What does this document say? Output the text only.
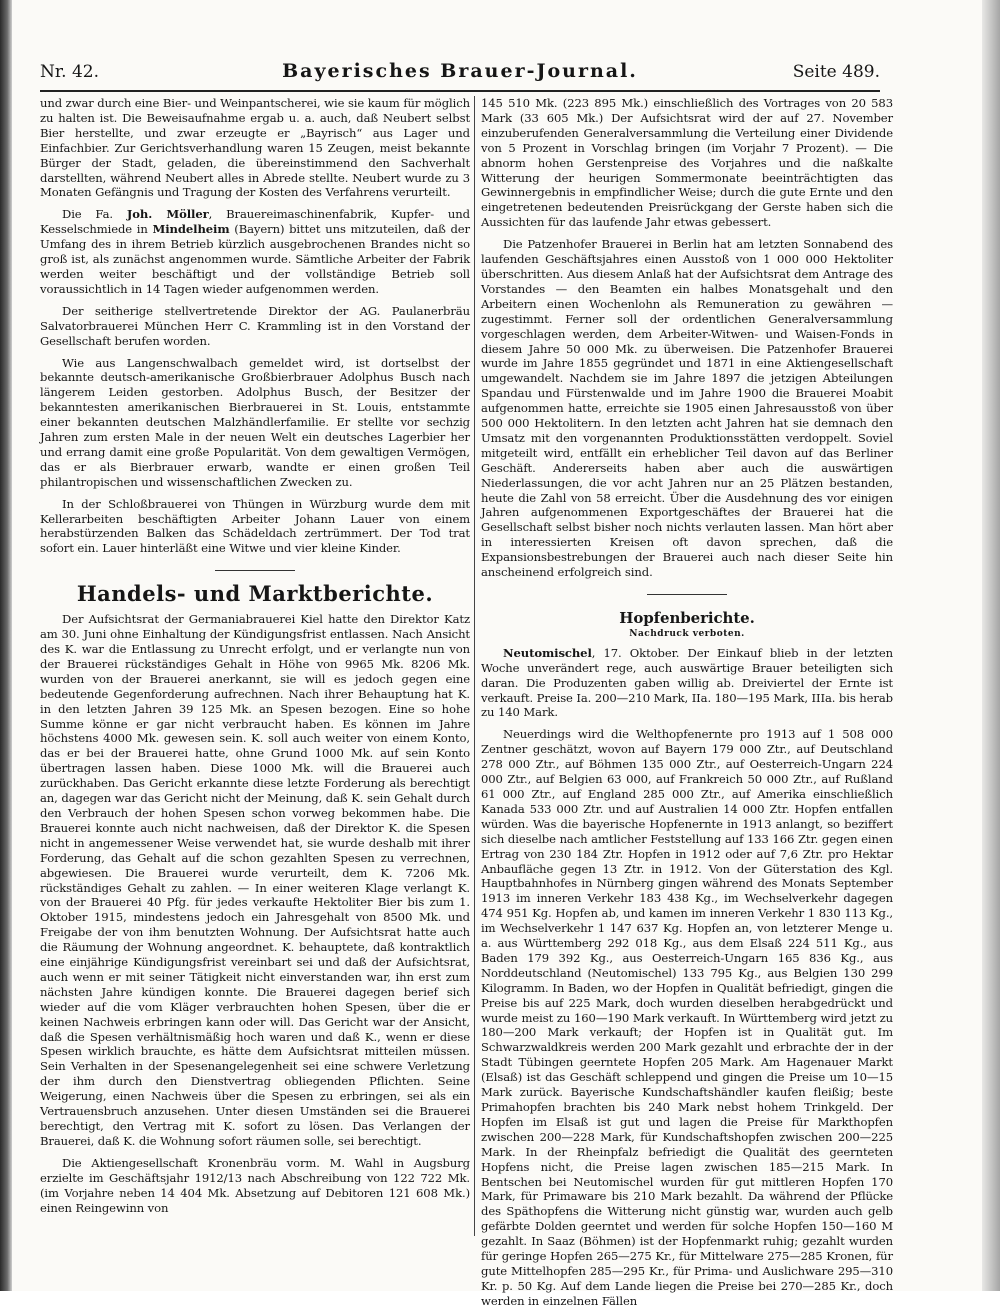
Nr. 42.	Bayerisches Brauer-Journal.	Seite 489.

und zwar durch eine Bier- und Weinpantscherei, wie sie kaum für möglich zu halten ist. Die Beweisaufnahme ergab u. a. auch, daß Neubert selbst Bier herstellte, und zwar erzeugte er „Bayrisch“ aus Lager und Einfachbier. Zur Gerichtsverhandlung waren 15 Zeugen, meist bekannte Bürger der Stadt, geladen, die übereinstimmend den Sachverhalt darstellten, während Neubert alles in Abrede stellte. Neubert wurde zu 3 Monaten Gefängnis und Tragung der Kosten des Verfahrens verurteilt.

Die Fa. Joh. Möller, Brauereimaschinenfabrik, Kupfer- und Kesselschmiede in Mindelheim (Bayern) bittet uns mitzuteilen, daß der Umfang des in ihrem Betrieb kürzlich ausgebrochenen Brandes nicht so groß ist, als zunächst angenommen wurde. Sämtliche Arbeiter der Fabrik werden weiter beschäftigt und der vollständige Betrieb soll voraussichtlich in 14 Tagen wieder aufgenommen werden.

Der seitherige stellvertretende Direktor der AG. Paulanerbräu Salvatorbrauerei München Herr C. Krammling ist in den Vorstand der Gesellschaft berufen worden.

Wie aus Langenschwalbach gemeldet wird, ist dortselbst der bekannte deutsch-amerikanische Großbierbrauer Adolphus Busch nach längerem Leiden gestorben. Adolphus Busch, der Besitzer der bekanntesten amerikanischen Bierbrauerei in St. Louis, entstammte einer bekannten deutschen Malzhändlerfamilie. Er stellte vor sechzig Jahren zum ersten Male in der neuen Welt ein deutsches Lagerbier her und errang damit eine große Popularität. Von dem gewaltigen Vermögen, das er als Bierbrauer erwarb, wandte er einen großen Teil philantropischen und wissenschaftlichen Zwecken zu.

In der Schloßbrauerei von Thüngen in Würzburg wurde dem mit Kellerarbeiten beschäftigten Arbeiter Johann Lauer von einem herabstürzenden Balken das Schädeldach zertrümmert. Der Tod trat sofort ein. Lauer hinterläßt eine Witwe und vier kleine Kinder.

Handels- und Marktberichte.

Der Aufsichtsrat der Germaniabrauerei Kiel hatte den Direktor Katz am 30. Juni ohne Einhaltung der Kündigungsfrist entlassen. Nach Ansicht des K. war die Entlassung zu Unrecht erfolgt, und er verlangte nun von der Brauerei rückständiges Gehalt in Höhe von 9965 Mk. 8206 Mk. wurden von der Brauerei anerkannt, sie will es jedoch gegen eine bedeutende Gegenforderung aufrechnen. Nach ihrer Behauptung hat K. in den letzten Jahren 39 125 Mk. an Spesen bezogen. Eine so hohe Summe könne er gar nicht verbraucht haben. Es können im Jahre höchstens 4000 Mk. gewesen sein. K. soll auch weiter von einem Konto, das er bei der Brauerei hatte, ohne Grund 1000 Mk. auf sein Konto übertragen lassen haben. Diese 1000 Mk. will die Brauerei auch zurückhaben. Das Gericht erkannte diese letzte Forderung als berechtigt an, dagegen war das Gericht nicht der Meinung, daß K. sein Gehalt durch den Verbrauch der hohen Spesen schon vorweg bekommen habe. Die Brauerei konnte auch nicht nachweisen, daß der Direktor K. die Spesen nicht in angemessener Weise verwendet hat, sie wurde deshalb mit ihrer Forderung, das Gehalt auf die schon gezahlten Spesen zu verrechnen, abgewiesen. Die Brauerei wurde verurteilt, dem K. 7206 Mk. rückständiges Gehalt zu zahlen. — In einer weiteren Klage verlangt K. von der Brauerei 40 Pfg. für jedes verkaufte Hektoliter Bier bis zum 1. Oktober 1915, mindestens jedoch ein Jahresgehalt von 8500 Mk. und Freigabe der von ihm benutzten Wohnung. Der Aufsichtsrat hatte auch die Räumung der Wohnung angeordnet. K. behauptete, daß kontraktlich eine einjährige Kündigungsfrist vereinbart sei und daß der Aufsichtsrat, auch wenn er mit seiner Tätigkeit nicht einverstanden war, ihn erst zum nächsten Jahre kündigen konnte. Die Brauerei dagegen berief sich wieder auf die vom Kläger verbrauchten hohen Spesen, über die er keinen Nachweis erbringen kann oder will. Das Gericht war der Ansicht, daß die Spesen verhältnismäßig hoch waren und daß K., wenn er diese Spesen wirklich brauchte, es hätte dem Aufsichtsrat mitteilen müssen. Sein Verhalten in der Spesenangelegenheit sei eine schwere Verletzung der ihm durch den Dienstvertrag obliegenden Pflichten. Seine Weigerung, einen Nachweis über die Spesen zu erbringen, sei als ein Vertrauensbruch anzusehen. Unter diesen Umständen sei die Brauerei berechtigt, den Vertrag mit K. sofort zu lösen. Das Verlangen der Brauerei, daß K. die Wohnung sofort räumen solle, sei berechtigt.

Die Aktiengesellschaft Kronenbräu vorm. M. Wahl in Augsburg erzielte im Geschäftsjahr 1912/13 nach Abschreibung von 122 722 Mk. (im Vorjahre neben 14 404 Mk. Absetzung auf Debitoren 121 608 Mk.) einen Reingewinn von

145 510 Mk. (223 895 Mk.) einschließlich des Vortrages von 20 583 Mark (33 605 Mk.) Der Aufsichtsrat wird der auf 27. November einzuberufenden Generalversammlung die Verteilung einer Dividende von 5 Prozent in Vorschlag bringen (im Vorjahr 7 Prozent). — Die abnorm hohen Gerstenpreise des Vorjahres und die naßkalte Witterung der heurigen Sommermonate beeinträchtigten das Gewinnergebnis in empfindlicher Weise; durch die gute Ernte und den eingetretenen bedeutenden Preisrückgang der Gerste haben sich die Aussichten für das laufende Jahr etwas gebessert.

Die Patzenhofer Brauerei in Berlin hat am letzten Sonnabend des laufenden Geschäftsjahres einen Ausstoß von 1 000 000 Hektoliter überschritten. Aus diesem Anlaß hat der Aufsichtsrat dem Antrage des Vorstandes — den Beamten ein halbes Monatsgehalt und den Arbeitern einen Wochenlohn als Remuneration zu gewähren — zugestimmt. Ferner soll der ordentlichen Generalversammlung vorgeschlagen werden, dem Arbeiter-Witwen- und Waisen-Fonds in diesem Jahre 50 000 Mk. zu überweisen. Die Patzenhofer Brauerei wurde im Jahre 1855 gegründet und 1871 in eine Aktiengesellschaft umgewandelt. Nachdem sie im Jahre 1897 die jetzigen Abteilungen Spandau und Fürstenwalde und im Jahre 1900 die Brauerei Moabit aufgenommen hatte, erreichte sie 1905 einen Jahresausstoß von über 500 000 Hektolitern. In den letzten acht Jahren hat sie demnach den Umsatz mit den vorgenannten Produktionsstätten verdoppelt. Soviel mitgeteilt wird, entfällt ein erheblicher Teil davon auf das Berliner Geschäft. Andererseits haben aber auch die auswärtigen Niederlassungen, die vor acht Jahren nur an 25 Plätzen bestanden, heute die Zahl von 58 erreicht. Über die Ausdehnung des vor einigen Jahren aufgenommenen Exportgeschäftes der Brauerei hat die Gesellschaft selbst bisher noch nichts verlauten lassen. Man hört aber in interessierten Kreisen oft davon sprechen, daß die Expansionsbestrebungen der Brauerei auch nach dieser Seite hin anscheinend erfolgreich sind.

Hopfenberichte.
Nachdruck verboten.

Neutomischel, 17. Oktober. Der Einkauf blieb in der letzten Woche unverändert rege, auch auswärtige Brauer beteiligten sich daran. Die Produzenten gaben willig ab. Dreiviertel der Ernte ist verkauft. Preise Ia. 200—210 Mark, IIa. 180—195 Mark, IIIa. bis herab zu 140 Mark.

Neuerdings wird die Welthopfenernte pro 1913 auf 1 508 000 Zentner geschätzt, wovon auf Bayern 179 000 Ztr., auf Deutschland 278 000 Ztr., auf Böhmen 135 000 Ztr., auf Oesterreich-Ungarn 224 000 Ztr., auf Belgien 63 000, auf Frankreich 50 000 Ztr., auf Rußland 61 000 Ztr., auf England 285 000 Ztr., auf Amerika einschließlich Kanada 533 000 Ztr. und auf Australien 14 000 Ztr. Hopfen entfallen würden. Was die bayerische Hopfenernte in 1913 anlangt, so beziffert sich dieselbe nach amtlicher Feststellung auf 133 166 Ztr. gegen einen Ertrag von 230 184 Ztr. Hopfen in 1912 oder auf 7,6 Ztr. pro Hektar Anbaufläche gegen 13 Ztr. in 1912. Von der Güterstation des Kgl. Hauptbahnhofes in Nürnberg gingen während des Monats September 1913 im inneren Verkehr 183 438 Kg., im Wechselverkehr dagegen 474 951 Kg. Hopfen ab, und kamen im inneren Verkehr 1 830 113 Kg., im Wechselverkehr 1 147 637 Kg. Hopfen an, von letzterer Menge u. a. aus Württemberg 292 018 Kg., aus dem Elsaß 224 511 Kg., aus Baden 179 392 Kg., aus Oesterreich-Ungarn 165 836 Kg., aus Norddeutschland (Neutomischel) 133 795 Kg., aus Belgien 130 299 Kilogramm. In Baden, wo der Hopfen in Qualität befriedigt, gingen die Preise bis auf 225 Mark, doch wurden dieselben herabgedrückt und wurde meist zu 160—190 Mark verkauft. In Württemberg wird jetzt zu 180—200 Mark verkauft; der Hopfen ist in Qualität gut. Im Schwarzwaldkreis werden 200 Mark gezahlt und erbrachte der in der Stadt Tübingen geerntete Hopfen 205 Mark. Am Hagenauer Markt (Elsaß) ist das Geschäft schleppend und gingen die Preise um 10—15 Mark zurück. Bayerische Kundschaftshändler kaufen fleißig; beste Primahopfen brachten bis 240 Mark nebst hohem Trinkgeld. Der Hopfen im Elsaß ist gut und lagen die Preise für Markthopfen zwischen 200—228 Mark, für Kundschaftshopfen zwischen 200—225 Mark. In der Rheinpfalz befriedigt die Qualität des geernteten Hopfens nicht, die Preise lagen zwischen 185—215 Mark. In Bentschen bei Neutomischel wurden für gut mittleren Hopfen 170 Mark, für Primaware bis 210 Mark bezahlt. Da während der Pflücke des Späthopfens die Witterung nicht günstig war, wurden auch gelb gefärbte Dolden geerntet und werden für solche Hopfen 150—160 M gezahlt. In Saaz (Böhmen) ist der Hopfenmarkt ruhig; gezahlt wurden für geringe Hopfen 265—275 Kr., für Mittelware 275—285 Kronen, für gute Mittelhopfen 285—295 Kr., für Prima- und Auslichware 295—310 Kr. p. 50 Kg. Auf dem Lande liegen die Preise bei 270—285 Kr., doch werden in einzelnen Fällen
